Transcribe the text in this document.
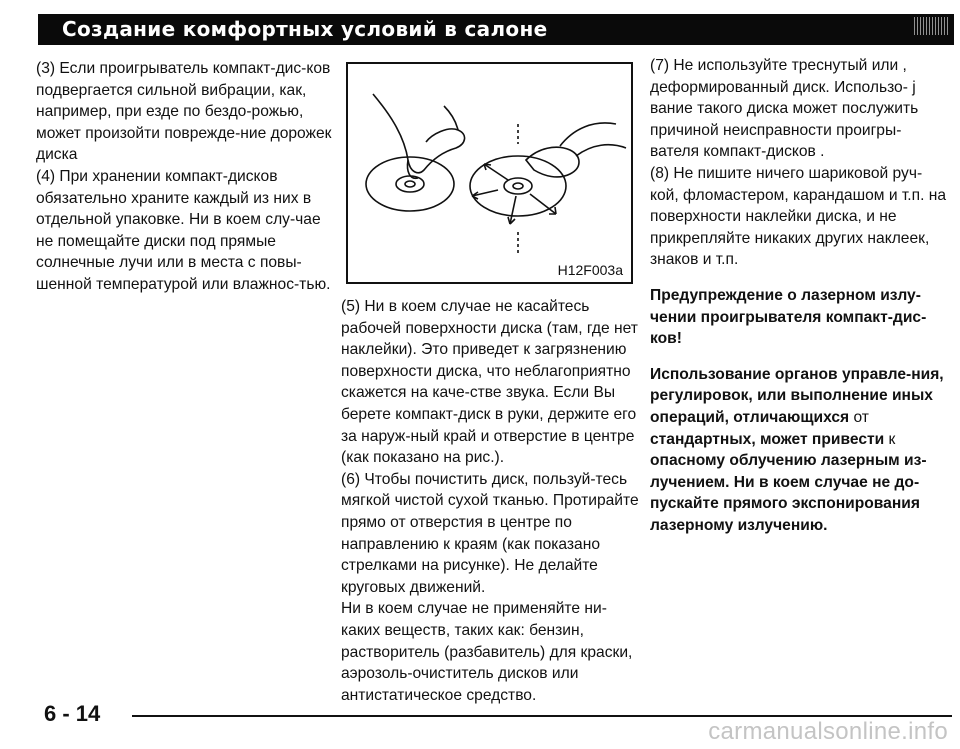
Создание комфортных условий в салоне

(3) Если проигрыватель компакт-дис-ков подвергается сильной вибрации, как, например, при езде по бездо-рожью, может произойти поврежде-ние дорожек диска

(4) При хранении компакт-дисков обязательно храните каждый из них в отдельной упаковке. Ни в коем слу-чае не помещайте диски под прямые солнечные лучи или в места с повы-шенной температурой или влажнос-тью.

H12F003a

(5) Ни в коем случае не касайтесь рабочей поверхности диска (там, где нет наклейки). Это приведет к загрязнению поверхности диска, что неблагоприятно скажется на каче-стве звука. Если Вы берете компакт-диск в руки, держите его за наруж-ный край и отверстие в центре (как показано на рис.).

(6) Чтобы почистить диск, пользуй-тесь мягкой чистой сухой тканью. Протирайте прямо от отверстия в центре по направлению к краям (как показано стрелками на рисунке). Не делайте круговых движений.

Ни в коем случае не применяйте ни-каких веществ, таких как: бензин, растворитель (разбавитель) для краски, аэрозоль-очиститель дисков или антистатическое средство.

(7) Не используйте треснутый или , деформированный диск. Использо- j вание такого диска может послужить причиной неисправности проигры-вателя компакт-дисков .

(8) Не пишите ничего шариковой руч-кой, фломастером, карандашом и т.п. на поверхности наклейки диска, и не прикрепляйте никаких других наклеек, знаков и т.п.

Предупреждение о лазерном излу-чении проигрывателя компакт-дис-ков!

Использование органов управле-ния, регулировок, или выполнение иных операций, отличающихся от стандартных, может привести к опасному облучению лазерным из-лучением. Ни в коем случае не до-пускайте прямого экспонирования лазерному излучению.

6 - 14
carmanualsonline.info
